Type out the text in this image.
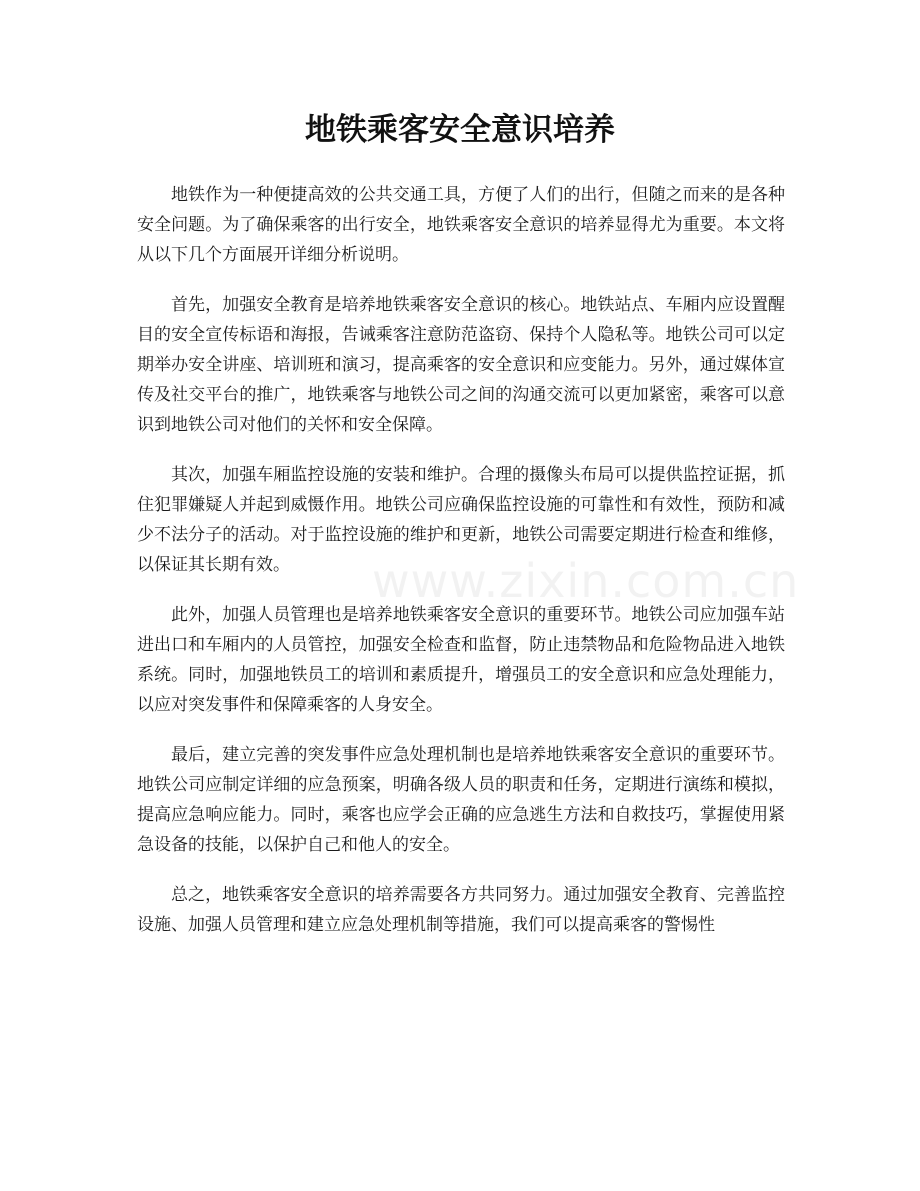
地铁乘客安全意识培养

地铁作为一种便捷高效的公共交通工具，方便了人们的出行，但随之而来的是各种安全问题。为了确保乘客的出行安全，地铁乘客安全意识的培养显得尤为重要。本文将从以下几个方面展开详细分析说明。

首先，加强安全教育是培养地铁乘客安全意识的核心。地铁站点、车厢内应设置醒目的安全宣传标语和海报，告诫乘客注意防范盗窃、保持个人隐私等。地铁公司可以定期举办安全讲座、培训班和演习，提高乘客的安全意识和应变能力。另外，通过媒体宣传及社交平台的推广，地铁乘客与地铁公司之间的沟通交流可以更加紧密，乘客可以意识到地铁公司对他们的关怀和安全保障。

其次，加强车厢监控设施的安装和维护。合理的摄像头布局可以提供监控证据，抓住犯罪嫌疑人并起到威慑作用。地铁公司应确保监控设施的可靠性和有效性，预防和减少不法分子的活动。对于监控设施的维护和更新，地铁公司需要定期进行检查和维修，以保证其长期有效。

此外，加强人员管理也是培养地铁乘客安全意识的重要环节。地铁公司应加强车站进出口和车厢内的人员管控，加强安全检查和监督，防止违禁物品和危险物品进入地铁系统。同时，加强地铁员工的培训和素质提升，增强员工的安全意识和应急处理能力，以应对突发事件和保障乘客的人身安全。

最后，建立完善的突发事件应急处理机制也是培养地铁乘客安全意识的重要环节。地铁公司应制定详细的应急预案，明确各级人员的职责和任务，定期进行演练和模拟，提高应急响应能力。同时，乘客也应学会正确的应急逃生方法和自救技巧，掌握使用紧急设备的技能，以保护自己和他人的安全。

总之，地铁乘客安全意识的培养需要各方共同努力。通过加强安全教育、完善监控设施、加强人员管理和建立应急处理机制等措施，我们可以提高乘客的警惕性

www.zixin.com.cn
